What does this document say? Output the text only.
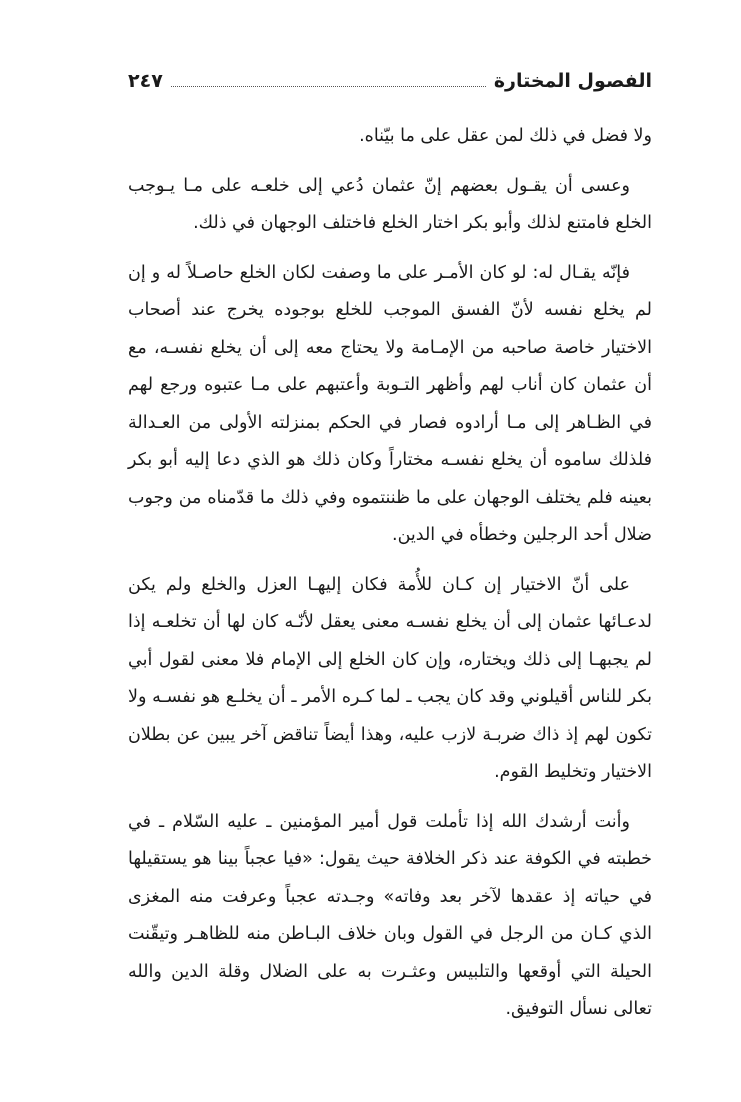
الفصول المختارة
٢٤٧

ولا فضل في ذلك لمن عقل على ما بيّناه.

وعسى أن يقـول بعضهم إنّ عثمان دُعي إلى خلعـه على مـا يـوجب الخلع فامتنع لذلك وأبو بكر اختار الخلع فاختلف الوجهان في ذلك.

فإنّه يقـال له: لو كان الأمـر على ما وصفت لكان الخلع حاصـلاً له و إن لم يخلع نفسه لأنّ الفسق الموجب للخلع بوجوده يخرج عند أصحاب الاختيار خاصة صاحبه من الإمـامة ولا يحتاج معه إلى أن يخلع نفسـه، مع أن عثمان كان أناب لهم وأظهر التـوبة وأعتبهم على مـا عتبوه ورجع لهم في الظـاهر إلى مـا أرادوه فصار في الحكم بمنزلته الأولى من العـدالة فلذلك ساموه أن يخلع نفسـه مختاراً وكان ذلك هو الذي دعا إليه أبو بكر بعينه فلم يختلف الوجهان على ما ظننتموه وفي ذلك ما قدّمناه من وجوب ضلال أحد الرجلين وخطأه في الدين.

على أنّ الاختيار إن كـان للأُمة فكان إليهـا العزل والخلع ولم يكن لدعـائها عثمان إلى أن يخلع نفسـه معنى يعقل لأنّـه كان لها أن تخلعـه إذا لم يجبهـا إلى ذلك ويختاره، وإن كان الخلع إلى الإمام فلا معنى لقول أبي بكر للناس أقيلوني وقد كان يجب ـ لما كـره الأمر ـ أن يخلـع هو نفسـه ولا تكون لهم إذ ذاك ضربـة لازب عليه، وهذا أيضاً تناقض آخر يبين عن بطلان الاختيار وتخليط القوم.

وأنت أرشدك الله إذا تأملت قول أمير المؤمنين ـ عليه السّلام ـ في خطبته في الكوفة عند ذكر الخلافة حيث يقول: «فيا عجباً بينا هو يستقيلها في حياته إذ عقدها لآخر بعد وفاته» وجـدته عجباً وعرفت منه المغزى الذي كـان من الرجل في القول وبان خلاف البـاطن منه للظاهـر وتيقّنت الحيلة التي أوقعها والتلبيس وعثـرت به على الضلال وقلة الدين والله تعالى نسأل التوفيق.
